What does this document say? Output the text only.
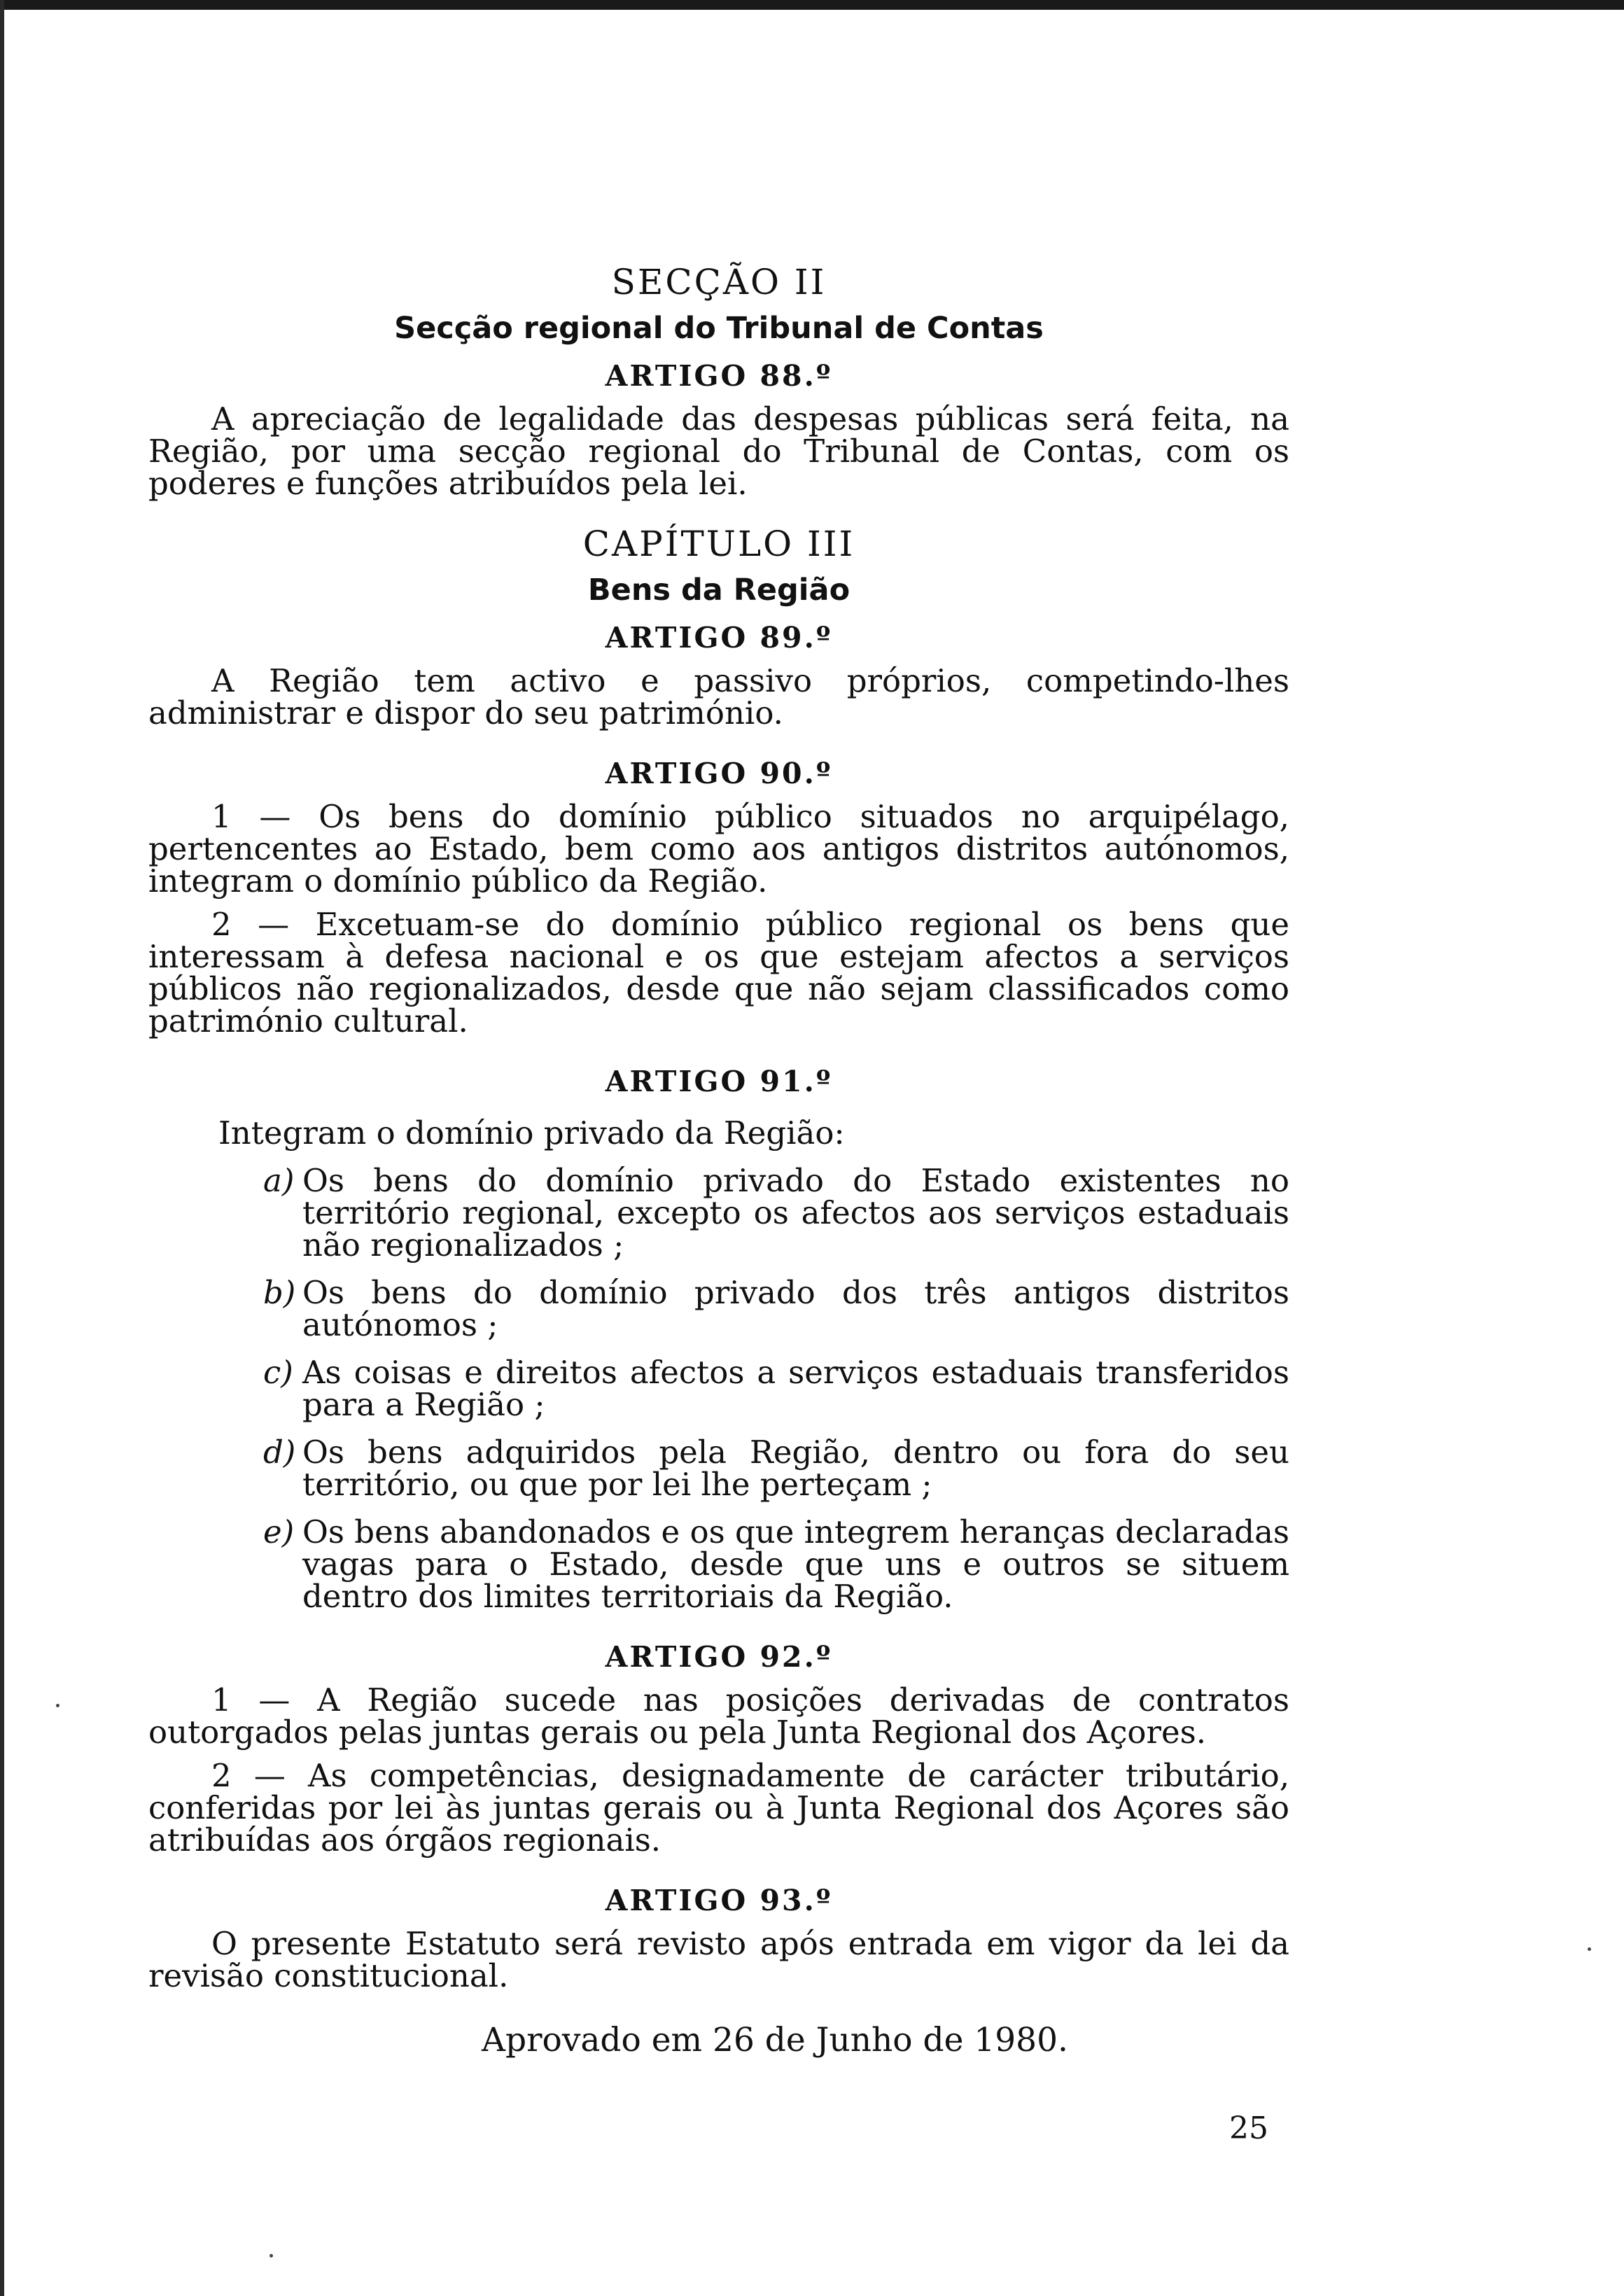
SECÇÃO II
Secção regional do Tribunal de Contas
ARTIGO 88.º

A apreciação de legalidade das despesas públicas será feita, na Região, por uma secção regional do Tribunal de Contas, com os poderes e funções atribuídos pela lei.

CAPÍTULO III
Bens da Região
ARTIGO 89.º

A Região tem activo e passivo próprios, competindo-lhes administrar e dispor do seu património.

ARTIGO 90.º

1 — Os bens do domínio público situados no arquipélago, pertencentes ao Estado, bem como aos antigos distritos autónomos, integram o domínio público da Região.

2 — Excetuam-se do domínio público regional os bens que interessam à defesa nacional e os que estejam afectos a serviços públicos não regionalizados, desde que não sejam classificados como património cultural.

ARTIGO 91.º

Integram o domínio privado da Região:

a) Os bens do domínio privado do Estado existentes no território regional, excepto os afectos aos serviços estaduais não regionalizados ;

b) Os bens do domínio privado dos três antigos distritos autónomos ;

c) As coisas e direitos afectos a serviços estaduais transferidos para a Região ;

d) Os bens adquiridos pela Região, dentro ou fora do seu território, ou que por lei lhe perteçam ;

e) Os bens abandonados e os que integrem heranças declaradas vagas para o Estado, desde que uns e outros se situem dentro dos limites territoriais da Região.

ARTIGO 92.º

1 — A Região sucede nas posições derivadas de contratos outorgados pelas juntas gerais ou pela Junta Regional dos Açores.

2 — As competências, designadamente de carácter tributário, conferidas por lei às juntas gerais ou à Junta Regional dos Açores são atribuídas aos órgãos regionais.

ARTIGO 93.º

O presente Estatuto será revisto após entrada em vigor da lei da revisão constitucional.

Aprovado em 26 de Junho de 1980.
25
